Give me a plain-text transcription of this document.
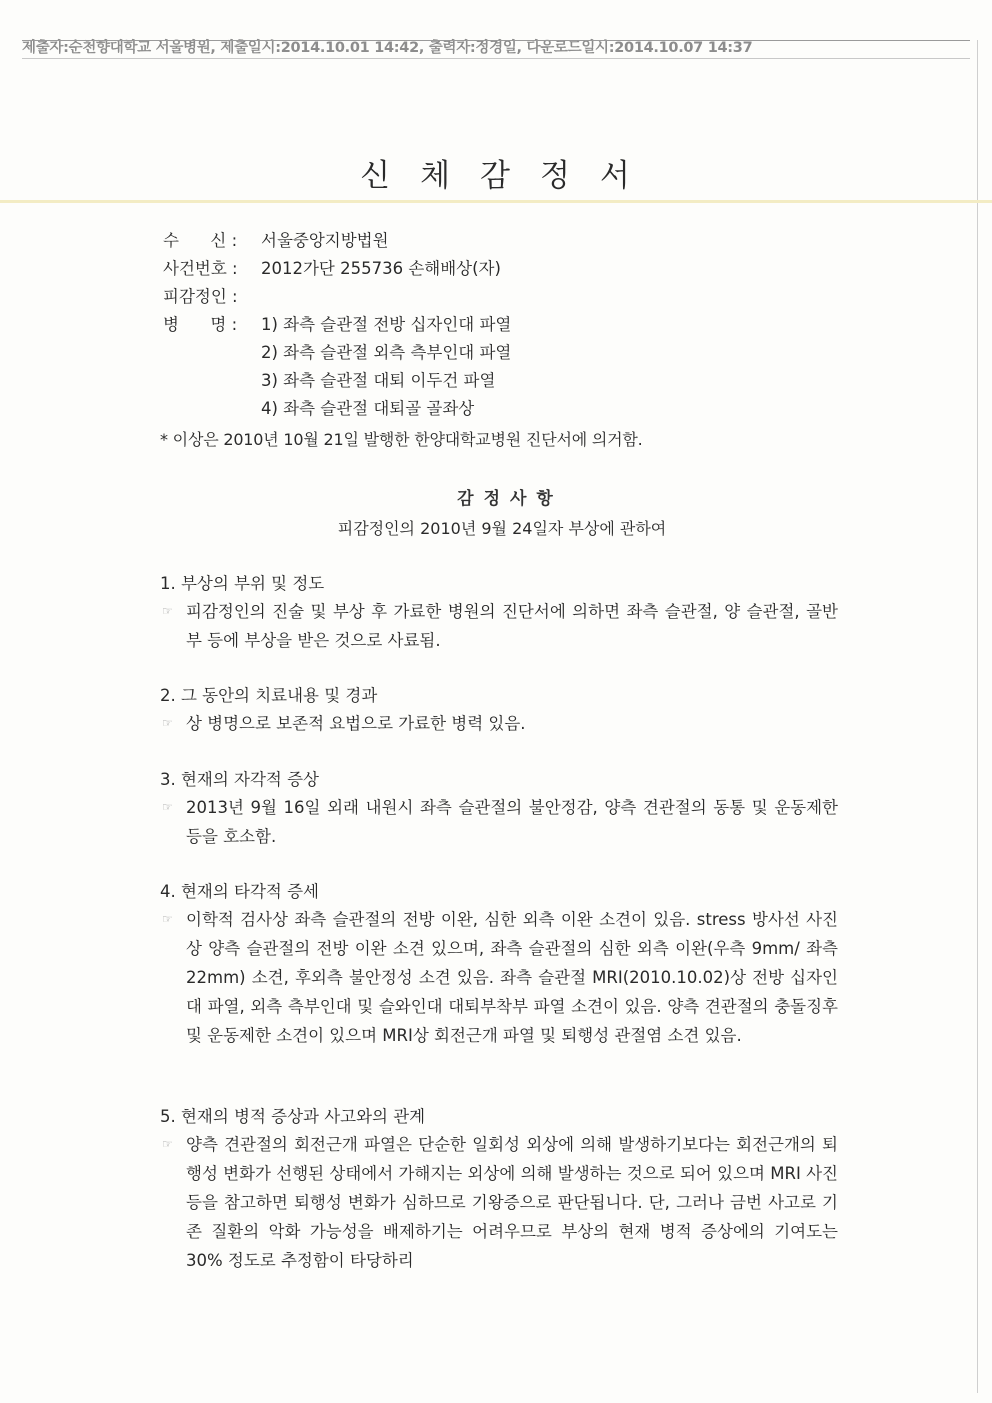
제출자:순천향대학교 서울병원, 제출일시:2014.10.01 14:42, 출력자:정경일, 다운로드일시:2014.10.07 14:37
신체감정서
수      신 : 서울중앙지방법원
사건번호 : 2012가단 255736 손해배상(자)
피감정인 :
병      명 : 1) 좌측 슬관절 전방 십자인대 파열
2) 좌측 슬관절 외측 측부인대 파열
3) 좌측 슬관절 대퇴 이두건 파열
4) 좌측 슬관절 대퇴골 골좌상
* 이상은 2010년 10월 21일 발행한 한양대학교병원 진단서에 의거함.
감정사항
피감정인의 2010년 9월 24일자 부상에 관하여
1. 부상의 부위 및 정도
☞ 피감정인의 진술 및 부상 후 가료한 병원의 진단서에 의하면 좌측 슬관절, 양 슬관절, 골반부 등에 부상을 받은 것으로 사료됨.
2. 그 동안의 치료내용 및 경과
☞ 상 병명으로 보존적 요법으로 가료한 병력 있음.
3. 현재의 자각적 증상
☞ 2013년 9월 16일 외래 내원시 좌측 슬관절의 불안정감, 양측 견관절의 동통 및 운동제한 등을 호소함.
4. 현재의 타각적 증세
☞ 이학적 검사상 좌측 슬관절의 전방 이완, 심한 외측 이완 소견이 있음. stress 방사선 사진상 양측 슬관절의 전방 이완 소견 있으며, 좌측 슬관절의 심한 외측 이완(우측 9mm/ 좌측 22mm) 소견, 후외측 불안정성 소견 있음. 좌측 슬관절 MRI(2010.10.02)상 전방 십자인대 파열, 외측 측부인대 및 슬와인대 대퇴부착부 파열 소견이 있음. 양측 견관절의 충돌징후 및 운동제한 소견이 있으며 MRI상 회전근개 파열 및 퇴행성 관절염 소견 있음.
5. 현재의 병적 증상과 사고와의 관계
☞ 양측 견관절의 회전근개 파열은 단순한 일회성 외상에 의해 발생하기보다는 회전근개의 퇴행성 변화가 선행된 상태에서 가해지는 외상에 의해 발생하는 것으로 되어 있으며 MRI 사진 등을 참고하면 퇴행성 변화가 심하므로 기왕증으로 판단됩니다. 단, 그러나 금번 사고로 기존 질환의 악화 가능성을 배제하기는 어려우므로 부상의 현재 병적 증상에의 기여도는 30% 정도로 추정함이 타당하리
